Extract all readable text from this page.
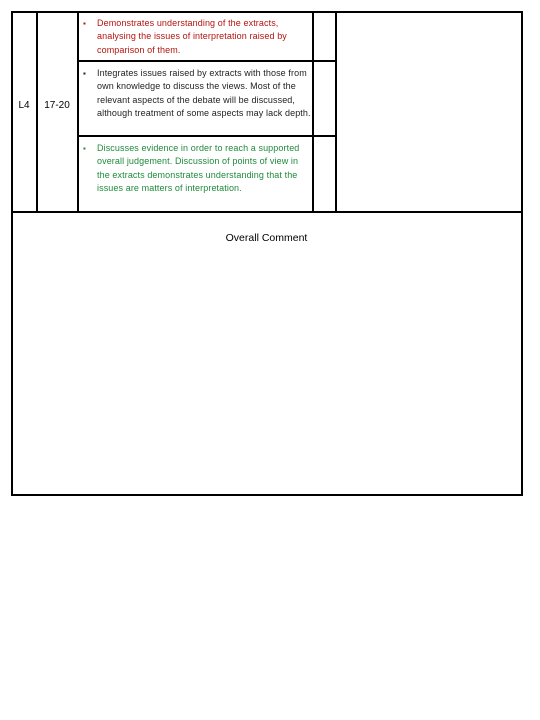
L4	17-20
▪ Demonstrates understanding of the extracts, analysing the issues of interpretation raised by comparison of them.
▪ Integrates issues raised by extracts with those from own knowledge to discuss the views. Most of the relevant aspects of the debate will be discussed, although treatment of some aspects may lack depth.
▪ Discusses evidence in order to reach a supported overall judgement. Discussion of points of view in the extracts demonstrates understanding that the issues are matters of interpretation.
Overall Comment
